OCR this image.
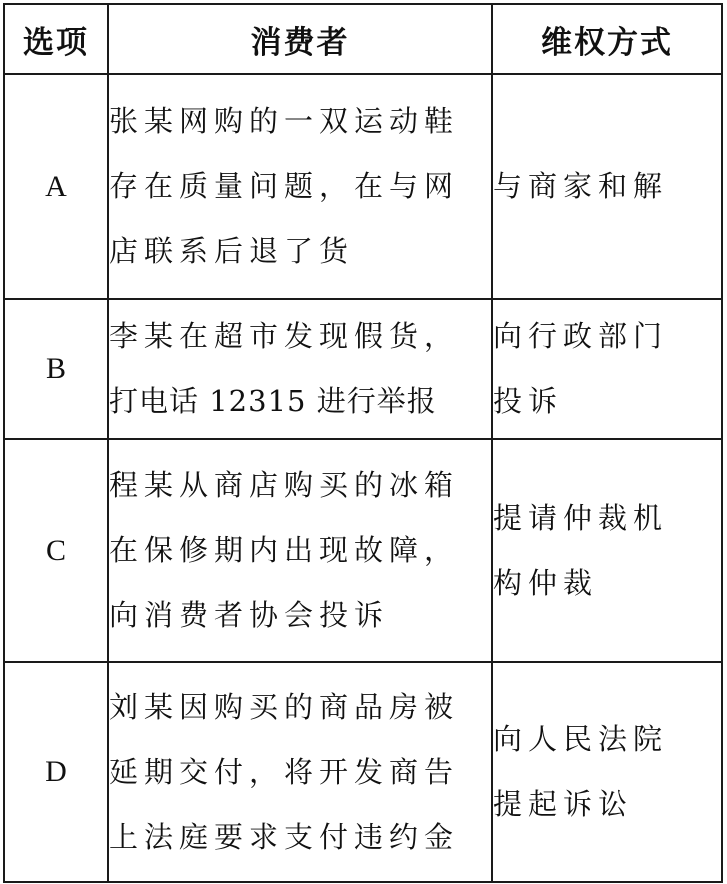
选项	消费者	维权方式
A	张某网购的一双运动鞋
存在质量问题，在与网
店联系后退了货	与商家和解

B	李某在超市发现假货，
打电话 12315 进行举报	向行政部门
投诉

C	程某从商店购买的冰箱
在保修期内出现故障，
向消费者协会投诉	提请仲裁机
构仲裁

D	刘某因购买的商品房被
延期交付，将开发商告
上法庭要求支付违约金	向人民法院
提起诉讼
